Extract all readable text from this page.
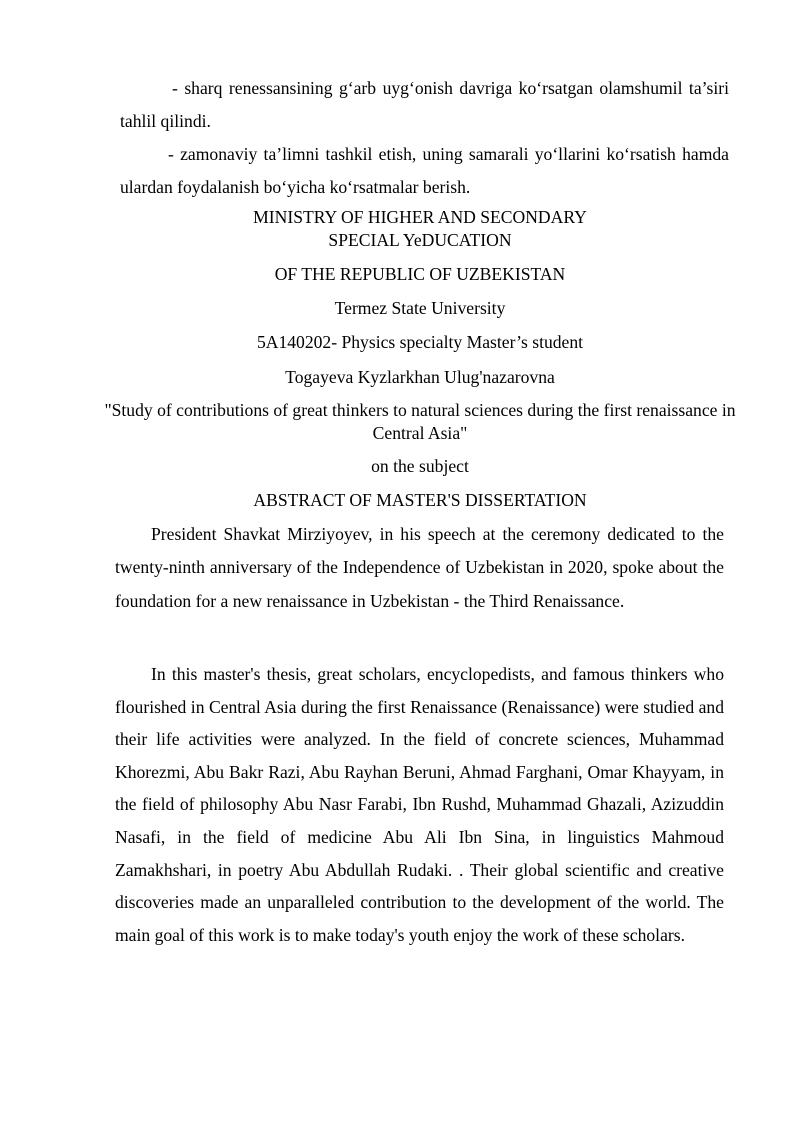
- sharq renessansining g‘arb uyg‘onish davriga ko‘rsatgan olamshumil ta’siri tahlil qilindi.

- zamonaviy ta’limni tashkil etish, uning samarali yo‘llarini ko‘rsatish hamda ulardan foydalanish bo‘yicha ko‘rsatmalar berish.

MINISTRY OF HIGHER AND SECONDARY
SPECIAL YeDUCATION
OF THE REPUBLIC OF UZBEKISTAN
Termez State University
5A140202- Physics specialty Master’s student
Togayeva Kyzlarkhan Ulug'nazarovna
"Study of contributions of great thinkers to natural sciences during the first renaissance in Central Asia"
on the subject
ABSTRACT OF MASTER'S DISSERTATION

President Shavkat Mirziyoyev, in his speech at the ceremony dedicated to the twenty-ninth anniversary of the Independence of Uzbekistan in 2020, spoke about the foundation for a new renaissance in Uzbekistan - the Third Renaissance.

In this master's thesis, great scholars, encyclopedists, and famous thinkers who flourished in Central Asia during the first Renaissance (Renaissance) were studied and their life activities were analyzed. In the field of concrete sciences, Muhammad Khorezmi, Abu Bakr Razi, Abu Rayhan Beruni, Ahmad Farghani, Omar Khayyam, in the field of philosophy Abu Nasr Farabi, Ibn Rushd, Muhammad Ghazali, Azizuddin Nasafi, in the field of medicine Abu Ali Ibn Sina, in linguistics Mahmoud Zamakhshari, in poetry Abu Abdullah Rudaki. . Their global scientific and creative discoveries made an unparalleled contribution to the development of the world. The main goal of this work is to make today's youth enjoy the work of these scholars.
